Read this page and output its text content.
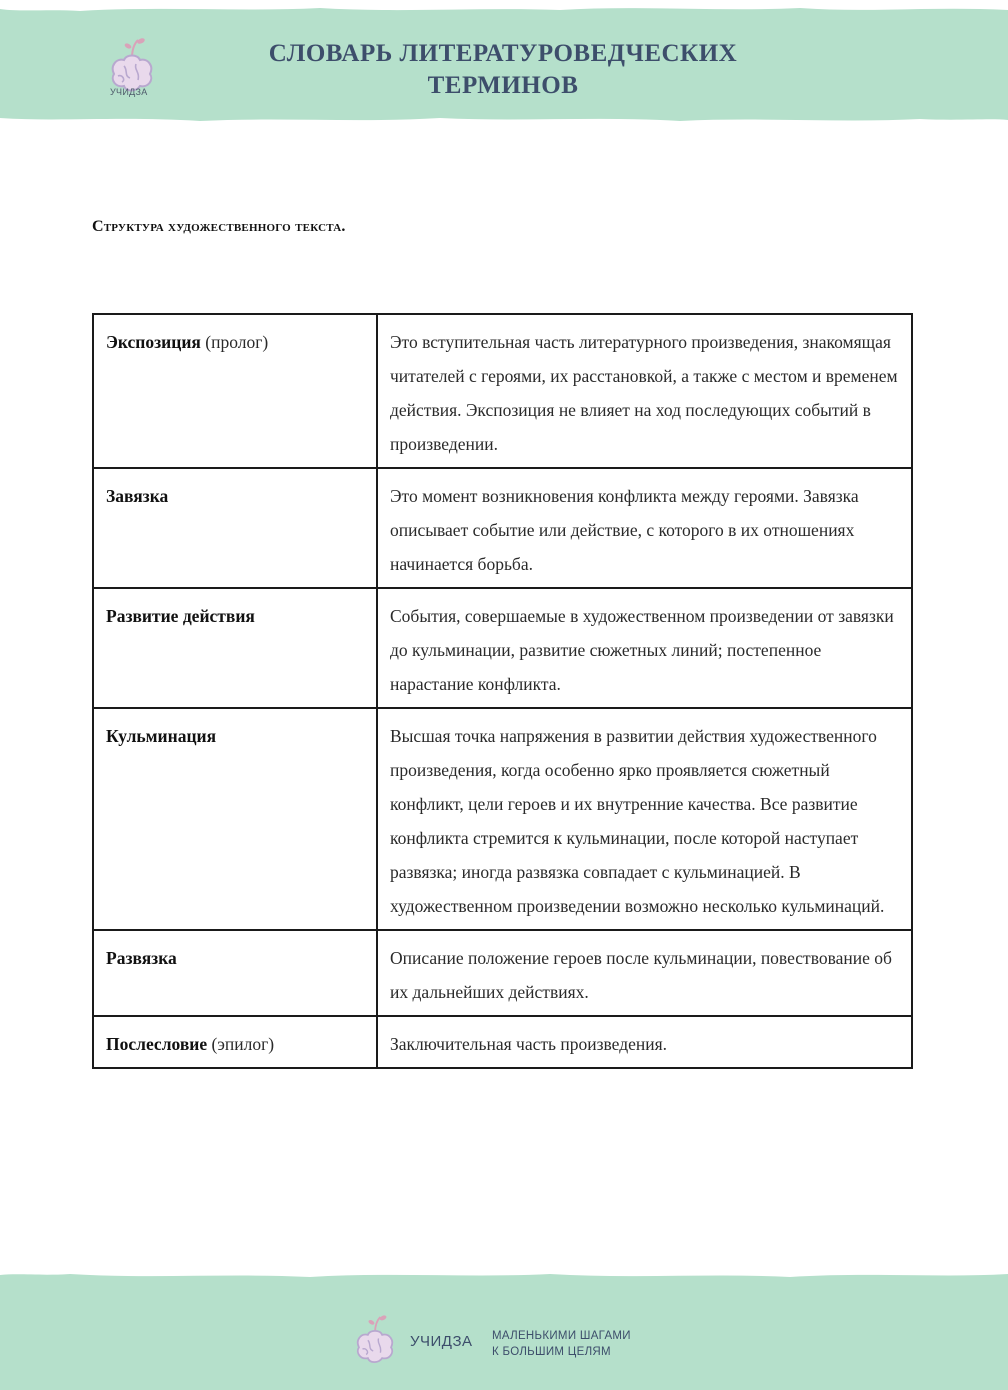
УЧИДЗА
СЛОВАРЬ ЛИТЕРАТУРОВЕДЧЕСКИХ
ТЕРМИНОВ
Структура художественного текста.
Экспозиция (пролог)	Это вступительная часть литературного произведения, знакомящая читателей с героями, их расстановкой, а также с местом и временем действия. Экспозиция не влияет на ход последующих событий в произведении.
Завязка	Это момент возникновения конфликта между героями. Завязка описывает событие или действие, с которого в их отношениях начинается борьба.
Развитие действия	События, совершаемые в художественном произведении от завязки до кульминации, развитие сюжетных линий; постепенное нарастание конфликта.
Кульминация	Высшая точка напряжения в развитии действия художественного произведения, когда особенно ярко проявляется сюжетный конфликт, цели героев и их внутренние качества. Все развитие конфликта стремится к кульминации, после которой наступает развязка; иногда развязка совпадает с кульминацией. В художественном произведении возможно несколько кульминаций.
Развязка	Описание положение героев после кульминации, повествование об их дальнейших действиях.
Послесловие (эпилог)	Заключительная часть произведения.
УЧИДЗА МАЛЕНЬКИМИ ШАГАМИ
К БОЛЬШИМ ЦЕЛЯМ
